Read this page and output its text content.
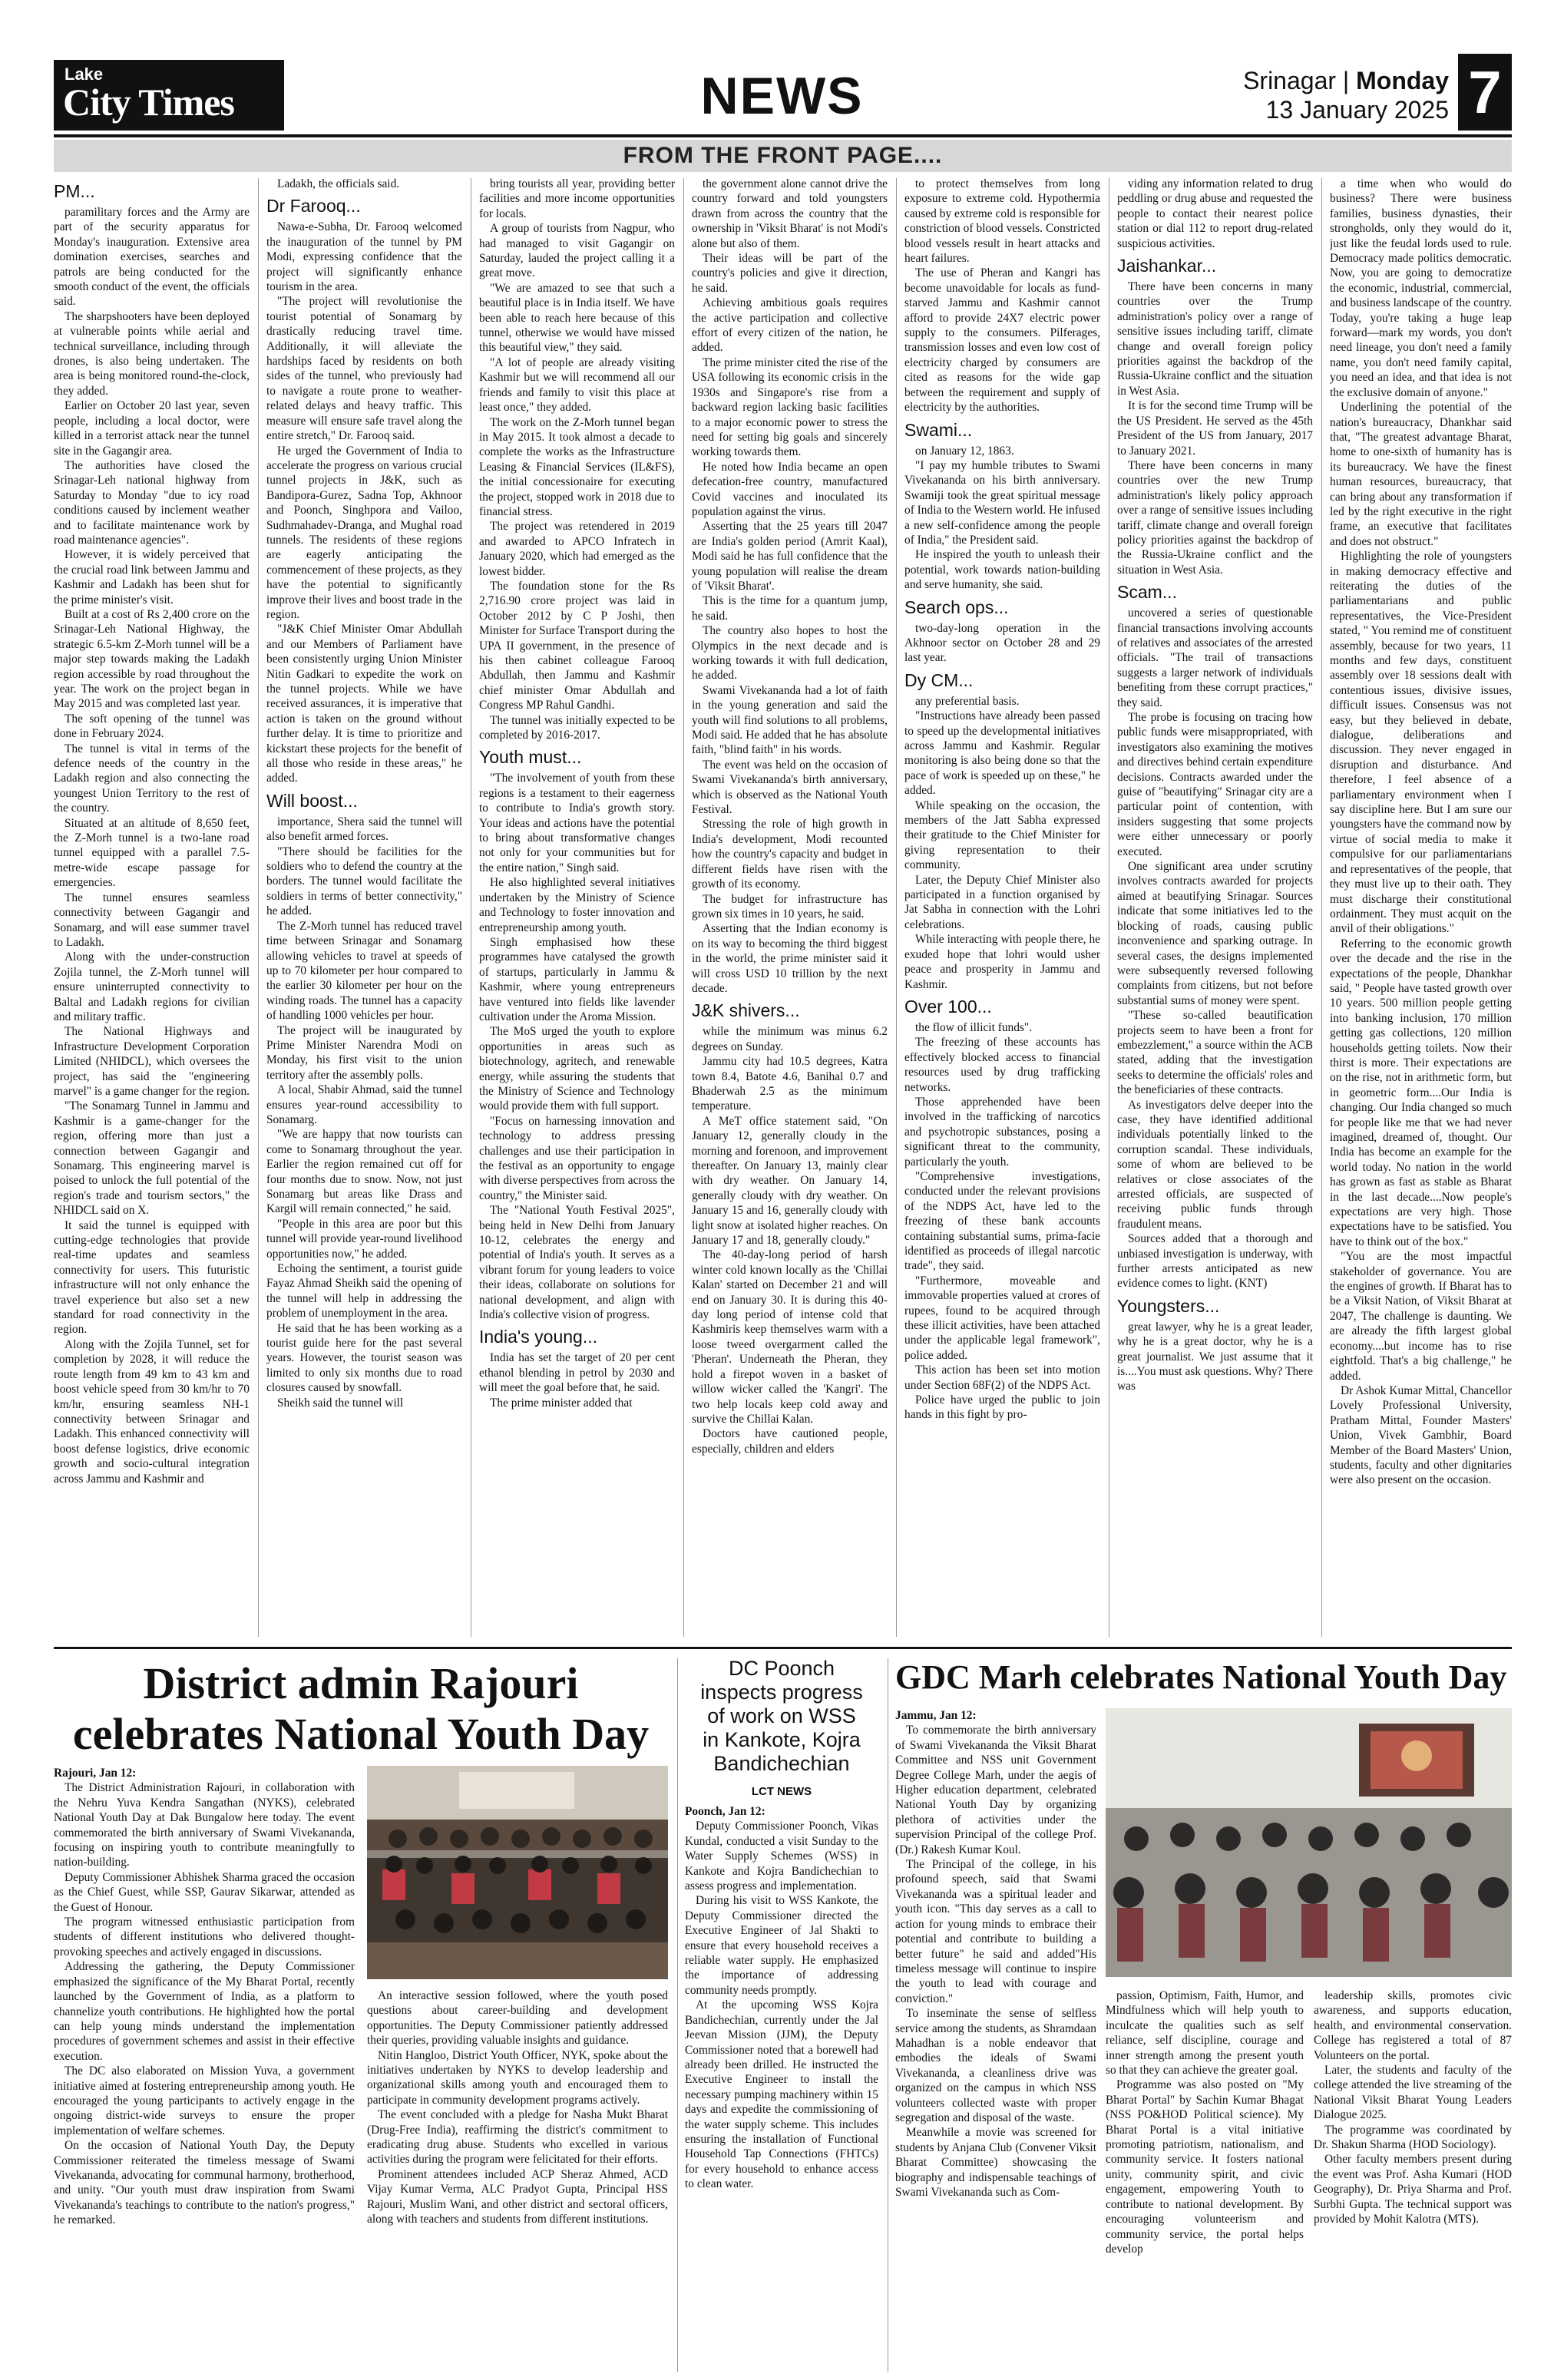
Lake
City Times	NEWS	Srinagar | Monday
13 January 2025 7
FROM THE FRONT PAGE....
PM...

paramilitary forces and the Army are part of the security apparatus for Monday's inauguration. Extensive area domination exercises, searches and patrols are being conducted for the smooth conduct of the event, the officials said.

The sharpshooters have been deployed at vulnerable points while aerial and technical surveillance, including through drones, is also being undertaken. The area is being monitored round-the-clock, they added.

Earlier on October 20 last year, seven people, including a local doctor, were killed in a terrorist attack near the tunnel site in the Gagangir area.

The authorities have closed the Srinagar-Leh national highway from Saturday to Monday "due to icy road conditions caused by inclement weather and to facilitate maintenance work by road maintenance agencies".

However, it is widely perceived that the crucial road link between Jammu and Kashmir and Ladakh has been shut for the prime minister's visit.

Built at a cost of Rs 2,400 crore on the Srinagar-Leh National Highway, the strategic 6.5-km Z-Morh tunnel will be a major step towards making the Ladakh region accessible by road throughout the year. The work on the project began in May 2015 and was completed last year.

The soft opening of the tunnel was done in February 2024.

The tunnel is vital in terms of the defence needs of the country in the Ladakh region and also connecting the youngest Union Territory to the rest of the country.

Situated at an altitude of 8,650 feet, the Z-Morh tunnel is a two-lane road tunnel equipped with a parallel 7.5-metre-wide escape passage for emergencies.

The tunnel ensures seamless connectivity between Gagangir and Sonamarg, and will ease summer travel to Ladakh.

Along with the under-construction Zojila tunnel, the Z-Morh tunnel will ensure uninterrupted connectivity to Baltal and Ladakh regions for civilian and military traffic.

The National Highways and Infrastructure Development Corporation Limited (NHIDCL), which oversees the project, has said the "engineering marvel" is a game changer for the region.

"The Sonamarg Tunnel in Jammu and Kashmir is a game-changer for the region, offering more than just a connection between Gagangir and Sonamarg. This engineering marvel is poised to unlock the full potential of the region's trade and tourism sectors," the NHIDCL said on X.

It said the tunnel is equipped with cutting-edge technologies that provide real-time updates and seamless connectivity for users. This futuristic infrastructure will not only enhance the travel experience but also set a new standard for road connectivity in the region.

Along with the Zojila Tunnel, set for completion by 2028, it will reduce the route length from 49 km to 43 km and boost vehicle speed from 30 km/hr to 70 km/hr, ensuring seamless NH-1 connectivity between Srinagar and Ladakh. This enhanced connectivity will boost defense logistics, drive economic growth and socio-cultural integration across Jammu and Kashmir and

Ladakh, the officials said.

Dr Farooq...

Nawa-e-Subha, Dr. Farooq welcomed the inauguration of the tunnel by PM Modi, expressing confidence that the project will significantly enhance tourism in the area.

"The project will revolutionise the tourist potential of Sonamarg by drastically reducing travel time. Additionally, it will alleviate the hardships faced by residents on both sides of the tunnel, who previously had to navigate a route prone to weather-related delays and heavy traffic. This measure will ensure safe travel along the entire stretch," Dr. Farooq said.

He urged the Government of India to accelerate the progress on various crucial tunnel projects in J&K, such as Bandipora-Gurez, Sadna Top, Akhnoor and Poonch, Singhpora and Vailoo, Sudhmahadev-Dranga, and Mughal road tunnels. The residents of these regions are eagerly anticipating the commencement of these projects, as they have the potential to significantly improve their lives and boost trade in the region.

"J&K Chief Minister Omar Abdullah and our Members of Parliament have been consistently urging Union Minister Nitin Gadkari to expedite the work on the tunnel projects. While we have received assurances, it is imperative that action is taken on the ground without further delay. It is time to prioritize and kickstart these projects for the benefit of all those who reside in these areas," he added.

Will boost...

importance, Shera said the tunnel will also benefit armed forces.

"There should be facilities for the soldiers who to defend the country at the borders. The tunnel would facilitate the soldiers in terms of better connectivity," he added.

The Z-Morh tunnel has reduced travel time between Srinagar and Sonamarg allowing vehicles to travel at speeds of up to 70 kilometer per hour compared to the earlier 30 kilometer per hour on the winding roads. The tunnel has a capacity of handling 1000 vehicles per hour.

The project will be inaugurated by Prime Minister Narendra Modi on Monday, his first visit to the union territory after the assembly polls.

A local, Shabir Ahmad, said the tunnel ensures year-round accessibility to Sonamarg.

"We are happy that now tourists can come to Sonamarg throughout the year. Earlier the region remained cut off for four months due to snow. Now, not just Sonamarg but areas like Drass and Kargil will remain connected," he said.

"People in this area are poor but this tunnel will provide year-round livelihood opportunities now," he added.

Echoing the sentiment, a tourist guide Fayaz Ahmad Sheikh said the opening of the tunnel will help in addressing the problem of unemployment in the area.

He said that he has been working as a tourist guide here for the past several years. However, the tourist season was limited to only six months due to road closures caused by snowfall.

Sheikh said the tunnel will

bring tourists all year, providing better facilities and more income opportunities for locals.

A group of tourists from Nagpur, who had managed to visit Gagangir on Saturday, lauded the project calling it a great move.

"We are amazed to see that such a beautiful place is in India itself. We have been able to reach here because of this tunnel, otherwise we would have missed this beautiful view," they said.

"A lot of people are already visiting Kashmir but we will recommend all our friends and family to visit this place at least once," they added.

The work on the Z-Morh tunnel began in May 2015. It took almost a decade to complete the works as the Infrastructure Leasing & Financial Services (IL&FS), the initial concessionaire for executing the project, stopped work in 2018 due to financial stress.

The project was retendered in 2019 and awarded to APCO Infratech in January 2020, which had emerged as the lowest bidder.

The foundation stone for the Rs 2,716.90 crore project was laid in October 2012 by C P Joshi, then Minister for Surface Transport during the UPA II government, in the presence of his then cabinet colleague Farooq Abdullah, then Jammu and Kashmir chief minister Omar Abdullah and Congress MP Rahul Gandhi.

The tunnel was initially expected to be completed by 2016-2017.

Youth must...

"The involvement of youth from these regions is a testament to their eagerness to contribute to India's growth story. Your ideas and actions have the potential to bring about transformative changes not only for your communities but for the entire nation," Singh said.

He also highlighted several initiatives undertaken by the Ministry of Science and Technology to foster innovation and entrepreneurship among youth.

Singh emphasised how these programmes have catalysed the growth of startups, particularly in Jammu & Kashmir, where young entrepreneurs have ventured into fields like lavender cultivation under the Aroma Mission.

The MoS urged the youth to explore opportunities in areas such as biotechnology, agritech, and renewable energy, while assuring the students that the Ministry of Science and Technology would provide them with full support.

"Focus on harnessing innovation and technology to address pressing challenges and use their participation in the festival as an opportunity to engage with diverse perspectives from across the country," the Minister said.

The "National Youth Festival 2025", being held in New Delhi from January 10-12, celebrates the energy and potential of India's youth. It serves as a vibrant forum for young leaders to voice their ideas, collaborate on solutions for national development, and align with India's collective vision of progress.

India's young...

India has set the target of 20 per cent ethanol blending in petrol by 2030 and will meet the goal before that, he said.

The prime minister added that

the government alone cannot drive the country forward and told youngsters drawn from across the country that the ownership in 'Viksit Bharat' is not Modi's alone but also of them.

Their ideas will be part of the country's policies and give it direction, he said.

Achieving ambitious goals requires the active participation and collective effort of every citizen of the nation, he added.

The prime minister cited the rise of the USA following its economic crisis in the 1930s and Singapore's rise from a backward region lacking basic facilities to a major economic power to stress the need for setting big goals and sincerely working towards them.

He noted how India became an open defecation-free country, manufactured Covid vaccines and inoculated its population against the virus.

Asserting that the 25 years till 2047 are India's golden period (Amrit Kaal), Modi said he has full confidence that the young population will realise the dream of 'Viksit Bharat'.

This is the time for a quantum jump, he said.

The country also hopes to host the Olympics in the next decade and is working towards it with full dedication, he added.

Swami Vivekananda had a lot of faith in the young generation and said the youth will find solutions to all problems, Modi said. He added that he has absolute faith, "blind faith" in his words.

The event was held on the occasion of Swami Vivekananda's birth anniversary, which is observed as the National Youth Festival.

Stressing the role of high growth in India's development, Modi recounted how the country's capacity and budget in different fields have risen with the growth of its economy.

The budget for infrastructure has grown six times in 10 years, he said.

Asserting that the Indian economy is on its way to becoming the third biggest in the world, the prime minister said it will cross USD 10 trillion by the next decade.

J&K shivers...

while the minimum was minus 6.2 degrees on Sunday.

Jammu city had 10.5 degrees, Katra town 8.4, Batote 4.6, Banihal 0.7 and Bhaderwah 2.5 as the minimum temperature.

A MeT office statement said, "On January 12, generally cloudy in the morning and forenoon, and improvement thereafter. On January 13, mainly clear with dry weather. On January 14, generally cloudy with dry weather. On January 15 and 16, generally cloudy with light snow at isolated higher reaches. On January 17 and 18, generally cloudy."

The 40-day-long period of harsh winter cold known locally as the 'Chillai Kalan' started on December 21 and will end on January 30. It is during this 40-day long period of intense cold that Kashmiris keep themselves warm with a loose tweed overgarment called the 'Pheran'. Underneath the Pheran, they hold a firepot woven in a basket of willow wicker called the 'Kangri'. The two help locals keep cold away and survive the Chillai Kalan.

Doctors have cautioned people, especially, children and elders

to protect themselves from long exposure to extreme cold. Hypothermia caused by extreme cold is responsible for constriction of blood vessels. Constricted blood vessels result in heart attacks and heart failures.

The use of Pheran and Kangri has become unavoidable for locals as fund-starved Jammu and Kashmir cannot afford to provide 24X7 electric power supply to the consumers. Pilferages, transmission losses and even low cost of electricity charged by consumers are cited as reasons for the wide gap between the requirement and supply of electricity by the authorities.

Swami...

on January 12, 1863.

"I pay my humble tributes to Swami Vivekananda on his birth anniversary. Swamiji took the great spiritual message of India to the Western world. He infused a new self-confidence among the people of India," the President said.

He inspired the youth to unleash their potential, work towards nation-building and serve humanity, she said.

Search ops...

two-day-long operation in the Akhnoor sector on October 28 and 29 last year.

Dy CM...

any preferential basis.

"Instructions have already been passed to speed up the developmental initiatives across Jammu and Kashmir. Regular monitoring is also being done so that the pace of work is speeded up on these," he added.

While speaking on the occasion, the members of the Jatt Sabha expressed their gratitude to the Chief Minister for giving representation to their community.

Later, the Deputy Chief Minister also participated in a function organised by Jat Sabha in connection with the Lohri celebrations.

While interacting with people there, he exuded hope that lohri would usher peace and prosperity in Jammu and Kashmir.

Over 100...

the flow of illicit funds".

The freezing of these accounts has effectively blocked access to financial resources used by drug trafficking networks.

Those apprehended have been involved in the trafficking of narcotics and psychotropic substances, posing a significant threat to the community, particularly the youth.

"Comprehensive investigations, conducted under the relevant provisions of the NDPS Act, have led to the freezing of these bank accounts containing substantial sums, prima-facie identified as proceeds of illegal narcotic trade", they said.

"Furthermore, moveable and immovable properties valued at crores of rupees, found to be acquired through these illicit activities, have been attached under the applicable legal framework", police added.

This action has been set into motion under Section 68F(2) of the NDPS Act.

Police have urged the public to join hands in this fight by pro-

viding any information related to drug peddling or drug abuse and requested the people to contact their nearest police station or dial 112 to report drug-related suspicious activities.

Jaishankar...

There have been concerns in many countries over the Trump administration's policy over a range of sensitive issues including tariff, climate change and overall foreign policy priorities against the backdrop of the Russia-Ukraine conflict and the situation in West Asia.

It is for the second time Trump will be the US President. He served as the 45th President of the US from January, 2017 to January 2021.

There have been concerns in many countries over the new Trump administration's likely policy approach over a range of sensitive issues including tariff, climate change and overall foreign policy priorities against the backdrop of the Russia-Ukraine conflict and the situation in West Asia.

Scam...

uncovered a series of questionable financial transactions involving accounts of relatives and associates of the arrested officials. "The trail of transactions suggests a larger network of individuals benefiting from these corrupt practices," they said.

The probe is focusing on tracing how public funds were misappropriated, with investigators also examining the motives and directives behind certain expenditure decisions. Contracts awarded under the guise of "beautifying" Srinagar city are a particular point of contention, with insiders suggesting that some projects were either unnecessary or poorly executed.

One significant area under scrutiny involves contracts awarded for projects aimed at beautifying Srinagar. Sources indicate that some initiatives led to the blocking of roads, causing public inconvenience and sparking outrage. In several cases, the designs implemented were subsequently reversed following complaints from citizens, but not before substantial sums of money were spent.

"These so-called beautification projects seem to have been a front for embezzlement," a source within the ACB stated, adding that the investigation seeks to determine the officials' roles and the beneficiaries of these contracts.

As investigators delve deeper into the case, they have identified additional individuals potentially linked to the corruption scandal. These individuals, some of whom are believed to be relatives or close associates of the arrested officials, are suspected of receiving public funds through fraudulent means.

Sources added that a thorough and unbiased investigation is underway, with further arrests anticipated as new evidence comes to light. (KNT)

Youngsters...

great lawyer, why he is a great leader, why he is a great doctor, why he is a great journalist. We just assume that it is....You must ask questions. Why? There was

a time when who would do business? There were business families, business dynasties, their strongholds, only they would do it, just like the feudal lords used to rule. Democracy made politics democratic. Now, you are going to democratize the economic, industrial, commercial, and business landscape of the country. Today, you're taking a huge leap forward—mark my words, you don't need lineage, you don't need a family name, you don't need family capital, you need an idea, and that idea is not the exclusive domain of anyone."

Underlining the potential of the nation's bureaucracy, Dhankhar said that, "The greatest advantage Bharat, home to one-sixth of humanity has is its bureaucracy. We have the finest human resources, bureaucracy, that can bring about any transformation if led by the right executive in the right frame, an executive that facilitates and does not obstruct."

Highlighting the role of youngsters in making democracy effective and reiterating the duties of the parliamentarians and public representatives, the Vice-President stated, " You remind me of constituent assembly, because for two years, 11 months and few days, constituent assembly over 18 sessions dealt with contentious issues, divisive issues, difficult issues. Consensus was not easy, but they believed in debate, dialogue, deliberations and discussion. They never engaged in disruption and disturbance. And therefore, I feel absence of a parliamentary environment when I say discipline here. But I am sure our youngsters have the command now by virtue of social media to make it compulsive for our parliamentarians and representatives of the people, that they must live up to their oath. They must discharge their constitutional ordainment. They must acquit on the anvil of their obligations."

Referring to the economic growth over the decade and the rise in the expectations of the people, Dhankhar said, " People have tasted growth over 10 years. 500 million people getting into banking inclusion, 170 million getting gas collections, 120 million households getting toilets. Now their thirst is more. Their expectations are on the rise, not in arithmetic form, but in geometric form....Our India is changing. Our India changed so much for people like me that we had never imagined, dreamed of, thought. Our India has become an example for the world today. No nation in the world has grown as fast as stable as Bharat in the last decade....Now people's expectations are very high. Those expectations have to be satisfied. You have to think out of the box."

"You are the most impactful stakeholder of governance. You are the engines of growth. If Bharat has to be a Viksit Nation, of Viksit Bharat at 2047, The challenge is daunting. We are already the fifth largest global economy....but income has to rise eightfold. That's a big challenge," he added.

Dr Ashok Kumar Mittal, Chancellor Lovely Professional University, Pratham Mittal, Founder Masters' Union, Vivek Gambhir, Board Member of the Board Masters' Union, students, faculty and other dignitaries were also present on the occasion.

District admin Rajouri
celebrates National Youth Day
Rajouri, Jan 12:

The District Administration Rajouri, in collaboration with the Nehru Yuva Kendra Sangathan (NYKS), celebrated National Youth Day at Dak Bungalow here today. The event commemorated the birth anniversary of Swami Vivekananda, focusing on inspiring youth to contribute meaningfully to nation-building.

Deputy Commissioner Abhishek Sharma graced the occasion as the Chief Guest, while SSP, Gaurav Sikarwar, attended as the Guest of Honour.

The program witnessed enthusiastic participation from students of different institutions who delivered thought-provoking speeches and actively engaged in discussions.

Addressing the gathering, the Deputy Commissioner emphasized the significance of the My Bharat Portal, recently launched by the Government of India, as a platform to channelize youth contributions. He highlighted how the portal can help young minds understand the implementation procedures of government schemes and assist in their effective execution.

The DC also elaborated on Mission Yuva, a government initiative aimed at fostering entrepreneurship among youth. He encouraged the young participants to actively engage in the ongoing district-wide surveys to ensure the proper implementation of welfare schemes.

On the occasion of National Youth Day, the Deputy Commissioner reiterated the timeless message of Swami Vivekananda, advocating for communal harmony, brotherhood, and unity. "Our youth must draw inspiration from Swami Vivekananda's teachings to contribute to the nation's progress," he remarked.

An interactive session followed, where the youth posed questions about career-building and development opportunities. The Deputy Commissioner patiently addressed their queries, providing valuable insights and guidance.

Nitin Hangloo, District Youth Officer, NYK, spoke about the initiatives undertaken by NYKS to develop leadership and organizational skills among youth and encouraged them to participate in community development programs actively.

The event concluded with a pledge for Nasha Mukt Bharat (Drug-Free India), reaffirming the district's commitment to eradicating drug abuse. Students who excelled in various activities during the program were felicitated for their efforts.

Prominent attendees included ACP Sheraz Ahmed, ACD Vijay Kumar Verma, ALC Pradyot Gupta, Principal HSS Rajouri, Muslim Wani, and other district and sectoral officers, along with teachers and students from different institutions.

DC Poonch
inspects progress
of work on WSS
in Kankote, Kojra
Bandichechian
LCT NEWS
Poonch, Jan 12:

Deputy Commissioner Poonch, Vikas Kundal, conducted a visit Sunday to the Water Supply Schemes (WSS) in Kankote and Kojra Bandichechian to assess progress and implementation.

During his visit to WSS Kankote, the Deputy Commissioner directed the Executive Engineer of Jal Shakti to ensure that every household receives a reliable water supply. He emphasized the importance of addressing community needs promptly.

At the upcoming WSS Kojra Bandichechian, currently under the Jal Jeevan Mission (JJM), the Deputy Commissioner noted that a borewell had already been drilled. He instructed the Executive Engineer to install the necessary pumping machinery within 15 days and expedite the commissioning of the water supply scheme. This includes ensuring the installation of Functional Household Tap Connections (FHTCs) for every household to enhance access to clean water.

GDC Marh celebrates National Youth Day
Jammu, Jan 12:

To commemorate the birth anniversary of Swami Vivekananda the Viksit Bharat Committee and NSS unit Government Degree College Marh, under the aegis of Higher education department, celebrated National Youth Day by organizing plethora of activities under the supervision Principal of the college Prof. (Dr.) Rakesh Kumar Koul.

The Principal of the college, in his profound speech, said that Swami Vivekananda was a spiritual leader and youth icon. "This day serves as a call to action for young minds to embrace their potential and contribute to building a better future" he said and added"His timeless message will continue to inspire the youth to lead with courage and conviction."

To inseminate the sense of selfless service among the students, as Shramdaan Mahadhan is a noble endeavor that embodies the ideals of Swami Vivekananda, a cleanliness drive was organized on the campus in which NSS volunteers collected waste with proper segregation and disposal of the waste.

Meanwhile a movie was screened for students by Anjana Club (Convener Viksit Bharat Committee) showcasing the biography and indispensable teachings of Swami Vivekananda such as Com-

passion, Optimism, Faith, Humor, and Mindfulness which will help youth to inculcate the qualities such as self reliance, self discipline, courage and inner strength among the present youth so that they can achieve the greater goal.

Programme was also posted on "My Bharat Portal" by Sachin Kumar Bhagat (NSS PO&HOD Political science). My Bharat Portal is a vital initiative promoting patriotism, nationalism, and community service. It fosters national unity, community spirit, and civic engagement, empowering Youth to contribute to national development. By encouraging volunteerism and community service, the portal helps develop

leadership skills, promotes civic awareness, and supports education, health, and environmental conservation. College has registered a total of 87 Volunteers on the portal.

Later, the students and faculty of the college attended the live streaming of the National Viksit Bharat Young Leaders Dialogue 2025.

The programme was coordinated by Dr. Shakun Sharma (HOD Sociology).

Other faculty members present during the event was Prof. Asha Kumari (HOD Geography), Dr. Priya Sharma and Prof. Surbhi Gupta. The technical support was provided by Mohit Kalotra (MTS).
